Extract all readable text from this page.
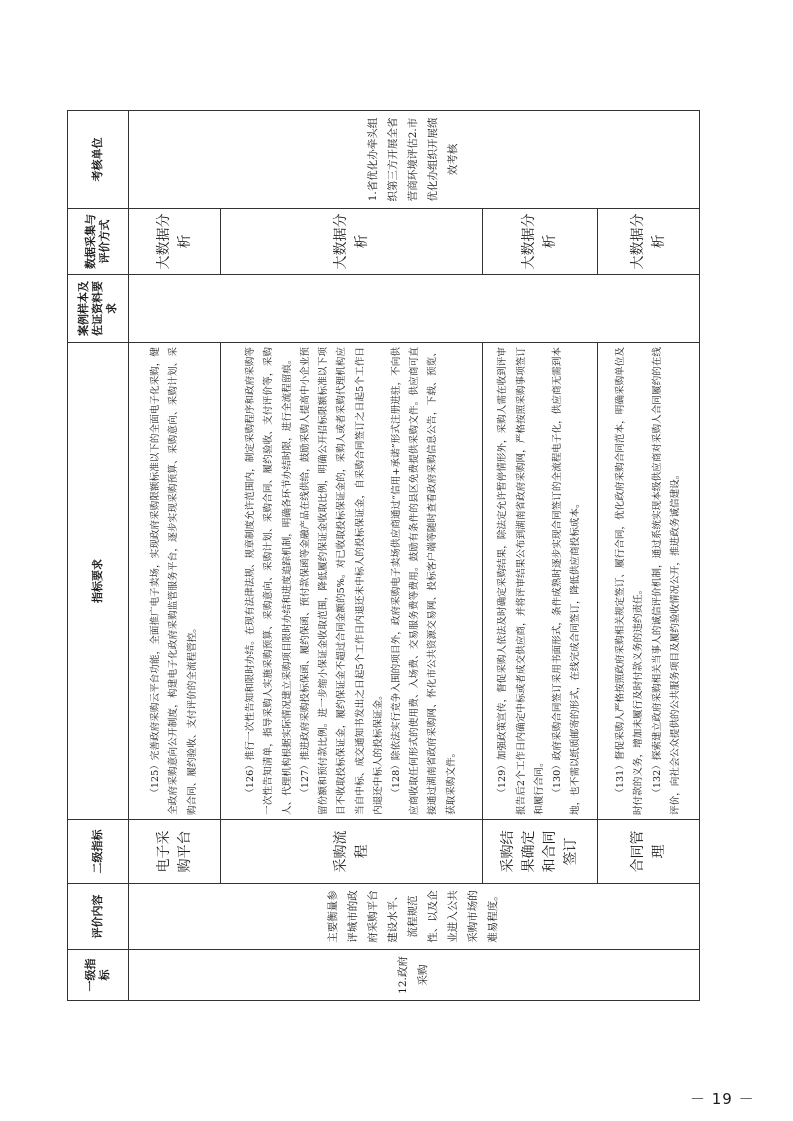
一级指标	评价内容	二级指标	指标要求	案例样本及佐证资料要求	数据采集与评价方式	考核单位
12.政府采购	主要衡量参评城市的政府采购平台建设水平、流程规范性、以及企业进入公共采购市场的难易程度。	电子采购平台	（125）完善政府采购云平台功能，全面推广电子卖场，实现政府采购限额标准以下的全面电子化采购，健全政府采购意向公开制度，构建电子化政府采购监管服务平台，逐步实现采购预算、采购意向、采购计划、采购合同、履约验收、支付评价的全流程管控。		大数据分析	1.省优化办牵头组织第三方开展全省营商环境评估2.市优化办组织开展绩效考核
		采购流程	（126）推行一次性告知和限时办结。在现有法律法规、规章制度允许范围内，制定采购程序和政府采购等一次性告知清单，指导采购人实施采购预算、采购意向、采购计划、采购合同、履约验收、支付评价等，采购人、代理机构根据实际情况建立采购项目限时办结和进度追踪机制，明确各环节办结时限，进行全流程留痕。 （127）推进政府采购投标保函、履约保函、预付款保函等金融产品在线供给，鼓励采购人提高中小企业预留份额和预付款比例。进一步缩小保证金收取范围，降低履约保证金收取比例，明确公开招标限额标准以下项目不收取投标保证金，履约保证金不超过合同金额的5%。对已收取投标保证金的，采购人或者采购代理机构应当自中标、成交通知书发出之日起5个工作日内退还未中标人的投标保证金，自采购合同签订之日起5个工作日内退还中标人的投标保证金。 （128）除依法实行竞争入围的项目外，政府采购电子卖场供应商通过“信用+承诺”形式注册进驻，不向供应商收取任何形式的使用费、入场费、交易服务费等费用。鼓励有条件的县区免费提供采购文件。供应商可直接通过湖南省政府采购网、怀化市公共资源交易网、投标客户端等随时查看政府采购信息公告，下载、预览、获取采购文件。		大数据分析	
		采购结果确定和合同签订	（129）加强政策宣传，督促采购人依法及时确定采购结果，除法定允许暂停情形外，采购人需在收到评审报告后2个工作日内确定中标或者成交供应商，并将评审结果公布到湖南省政府采购网，严格按照采购事项签订和履行合同。 （130）政府采购合同签订采用书面形式，条件成熟时逐步实现合同签订的全流程电子化，供应商无需到本地，也不需以纸质邮寄的形式，在线完成合同签订，降低供应商投标成本。		大数据分析	
		合同管理	（131）督促采购人严格按照政府采购相关规定签订、履行合同，优化政府采购合同范本，明确采购单位及时付款的义务，增加未履行及时付款义务的违约责任。 （132）探索建立政府采购相关当事人的诚信评价机制，通过系统实现本级供应商对采购人合同履约的在线评价，向社会公众提供的公共服务项目及履约验收情况公开，推进政务诚信建设。		大数据分析	
－ 19 －
